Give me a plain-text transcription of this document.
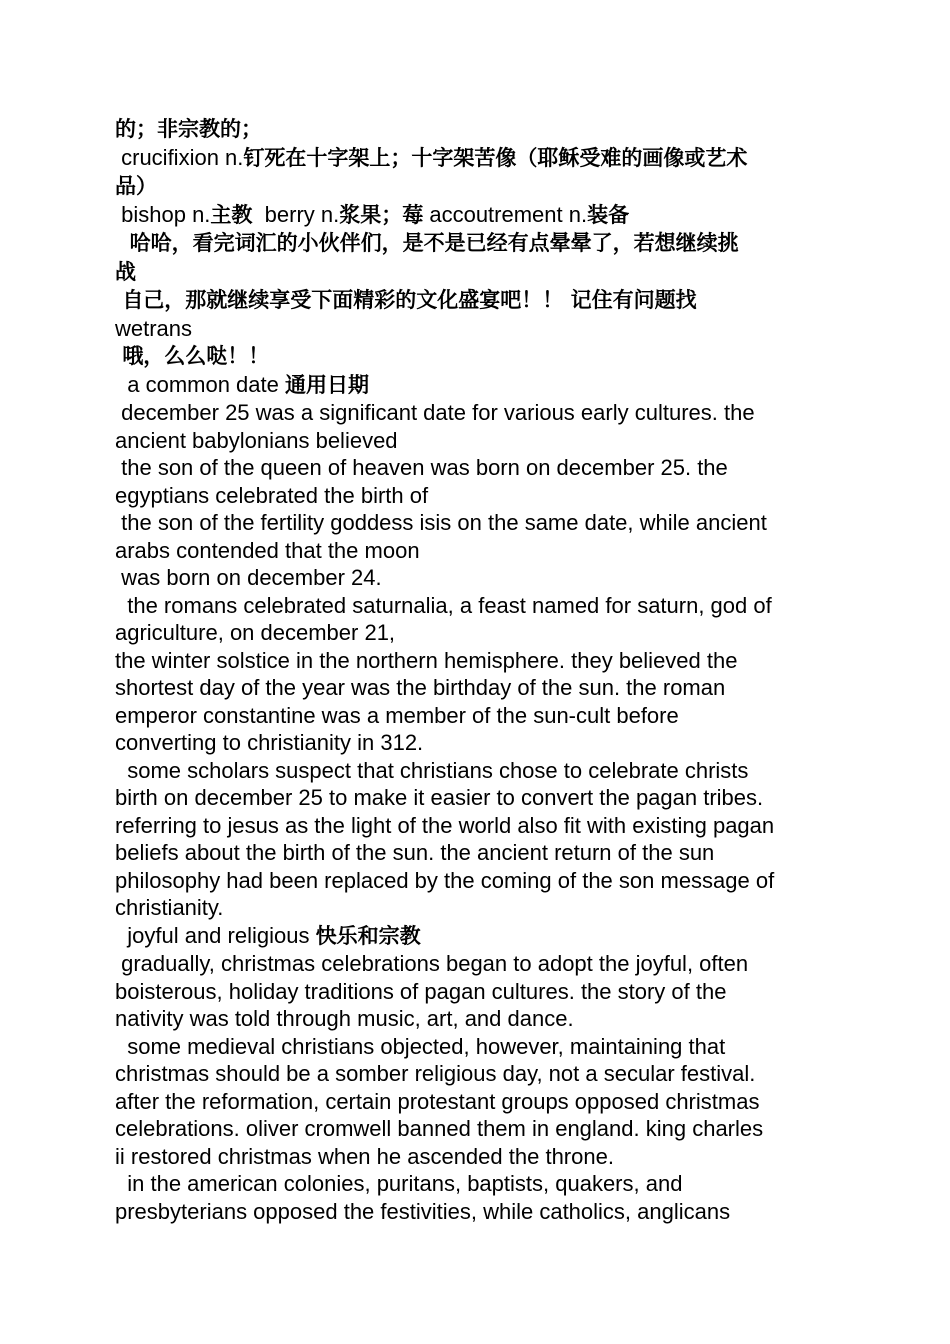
的；非宗教的；
crucifixion n.钉死在十字架上；十字架苦像（耶稣受难的画像或艺术
品）
bishop n.主教  berry n.浆果；莓 accoutrement n.装备
哈哈，看完词汇的小伙伴们，是不是已经有点晕晕了，若想继续挑
战
自己，那就继续享受下面精彩的文化盛宴吧！！ 记住有问题找
wetrans
哦，么么哒！！
a common date 通用日期
december 25 was a significant date for various early cultures. the
ancient babylonians believed
the son of the queen of heaven was born on december 25. the
egyptians celebrated the birth of
the son of the fertility goddess isis on the same date, while ancient
arabs contended that the moon
was born on december 24.
the romans celebrated saturnalia, a feast named for saturn, god of
agriculture, on december 21,
the winter solstice in the northern hemisphere. they believed the
shortest day of the year was the birthday of the sun. the roman
emperor constantine was a member of the sun-cult before
converting to christianity in 312.
some scholars suspect that christians chose to celebrate christs
birth on december 25 to make it easier to convert the pagan tribes.
referring to jesus as the light of the world also fit with existing pagan
beliefs about the birth of the sun. the ancient return of the sun
philosophy had been replaced by the coming of the son message of
christianity.
joyful and religious 快乐和宗教
gradually, christmas celebrations began to adopt the joyful, often
boisterous, holiday traditions of pagan cultures. the story of the
nativity was told through music, art, and dance.
some medieval christians objected, however, maintaining that
christmas should be a somber religious day, not a secular festival.
after the reformation, certain protestant groups opposed christmas
celebrations. oliver cromwell banned them in england. king charles
ii restored christmas when he ascended the throne.
in the american colonies, puritans, baptists, quakers, and
presbyterians opposed the festivities, while catholics, anglicans
